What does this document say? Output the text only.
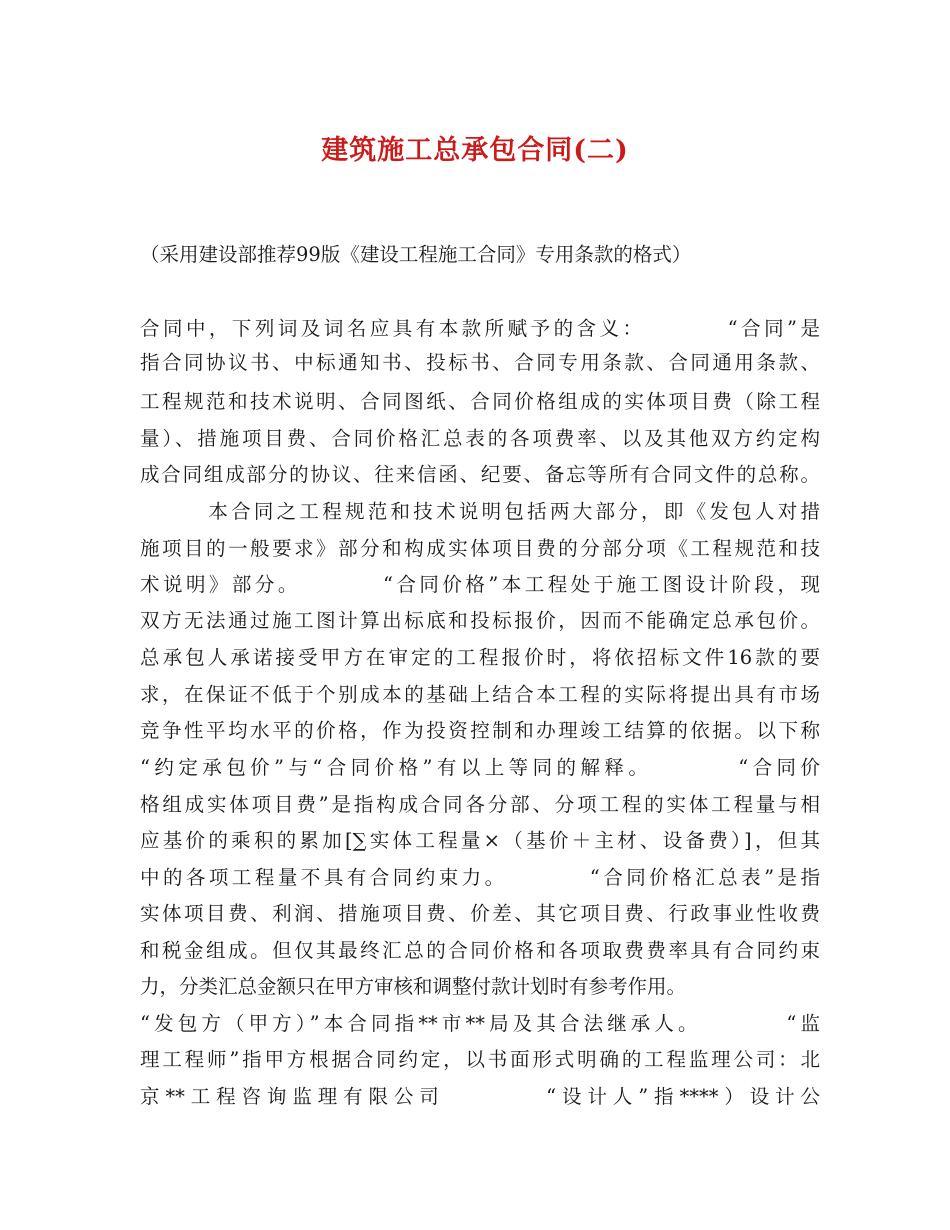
建筑施工总承包合同(二)
（采用建设部推荐99版《建设工程施工合同》专用条款的格式）
合同中，下列词及词名应具有本款所赋予的含义：　　　　“合同”是
指合同协议书、中标通知书、投标书、合同专用条款、合同通用条款、
工程规范和技术说明、合同图纸、合同价格组成的实体项目费（除工程
量）、措施项目费、合同价格汇总表的各项费率、以及其他双方约定构
成合同组成部分的协议、往来信函、纪要、备忘等所有合同文件的总称。
　　　本合同之工程规范和技术说明包括两大部分，即《发包人对措
施项目的一般要求》部分和构成实体项目费的分部分项《工程规范和技
术说明》部分。　　　　“合同价格”本工程处于施工图设计阶段，现
双方无法通过施工图计算出标底和投标报价，因而不能确定总承包价。
总承包人承诺接受甲方在审定的工程报价时，将依招标文件16款的要
求，在保证不低于个别成本的基础上结合本工程的实际将提出具有市场
竞争性平均水平的价格，作为投资控制和办理竣工结算的依据。以下称
“约定承包价”与“合同价格”有以上等同的解释。　　　　“合同价
格组成实体项目费”是指构成合同各分部、分项工程的实体工程量与相
应基价的乘积的累加[∑实体工程量×（基价＋主材、设备费）]，但其
中的各项工程量不具有合同约束力。　　　　“合同价格汇总表”是指
实体项目费、利润、措施项目费、价差、其它项目费、行政事业性收费
和税金组成。但仅其最终汇总的合同价格和各项取费费率具有合同约束
力，分类汇总金额只在甲方审核和调整付款计划时有参考作用。
“发包方（甲方）”本合同指**市**局及其合法继承人。　　　　“监
理工程师”指甲方根据合同约定，以书面形式明确的工程监理公司：北
京**工程咨询监理有限公司　　　　“设计人”指****）设计公
